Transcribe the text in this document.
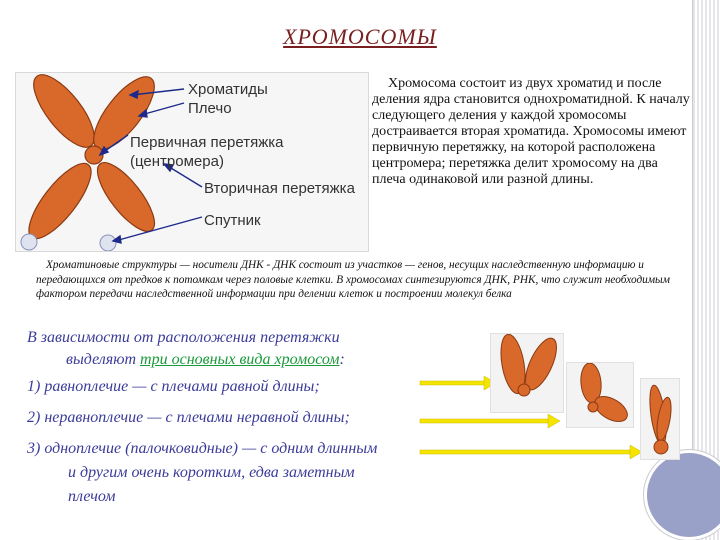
ХРОМОСОМЫ
Хроматиды
Плечо
Первичная перетяжка
(центромера)
Вторичная перетяжка
Спутник
Хромосома состоит из двух хроматид и после деления ядра становится однохроматидной. К началу следующего деления у каждой хромосомы достраивается вторая хроматида. Хромосомы имеют первичную перетяжку, на которой расположена центромера; перетяжка делит хромосому на два плеча одинаковой или разной длины.
Хроматиновые структуры — носители ДНК - ДНК состоит из участков — генов, несущих наследственную информацию и передающихся от предков к потомкам через половые клетки. В хромосомах синтезируются ДНК, РНК, что служит необходимым фактором передачи наследственной информации при делении клеток и построении молекул белка
В зависимости от расположения перетяжки
выделяют три основных вида хромосом:
1) равноплечие — с плечами равной длины;
2) неравноплечие — с плечами неравной длины;
3) одноплечие (палочковидные) — с одним длинным
и другим очень коротким, едва заметным
плечом
